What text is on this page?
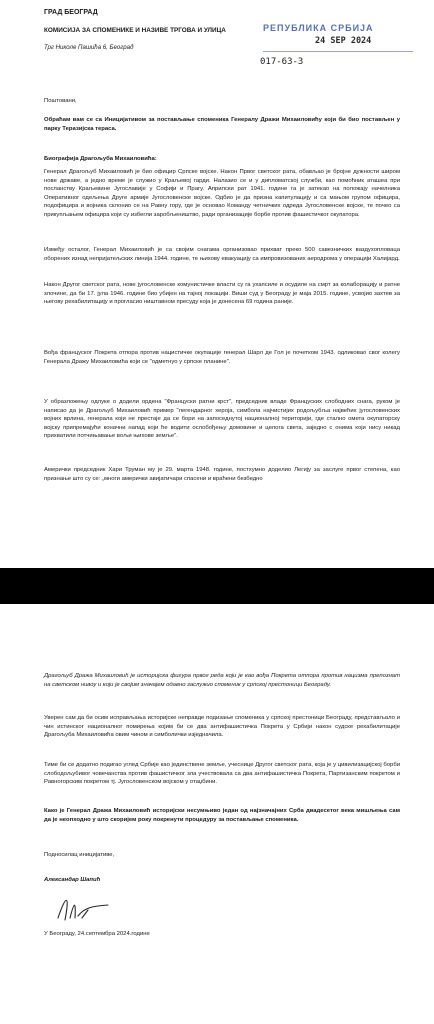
ГРАД БЕОГРАД
КОМИСИЈА ЗА СПОМЕНИКЕ И НАЗИВЕ ТРГОВА И УЛИЦА
Трг Николе Пашића 6, Београд
РЕПУБЛИКА СРБИЈА
24 SEP 2024
017-63-3
Поштовани,
Обраћам вам се са Иницијативом за постављање споменика Генералу Дражи Михаиловићу који би био постављен у парку Теразијска тераса.
Биографија Драгољуба Михаиловића:
Генерал Драгољуб Михаиловић је био официр Српске војске. Након Првог светског рата, обављао је бројне дужности широм нове државе, а једно време је служио у Краљевој гарди. Налазио се и у дипломатској служби, као помоћник аташеа при посланству Краљевине Југославије у Софији и Прагу. Априлски рат 1941. године га је затекао на положају начелника Оперативног одељења Друге армије Југословенске војске. Одбио је да призна капитулацију и са мањом групом официра, подофицира и војника склонио се на Равну гору, где је основао Команду четничких одреда Југословенске војске, те почео са прикупљањем официра који су избегли заробљеништво, ради организације борбе против фашистичког окупатора.
Између осталог, Генерал Михаиловић је са својим снагама организовао прихват преко 500 савезничких ваздухопловаца оборених изнад непријатељских линија 1944. године, те њихову евакуацију са импровизованих аеродрома у операцији Халијард.
Након Другог светског рата, нове југословенске комунистичке власти су га ухапсиле и осудиле на смрт за колаборацију и ратне злочине, да би 17. јула 1946. године био убијен на тајној локацији. Виши суд у Београду је маја 2015. године, усвојио захтев за његову рехабилитацију и прогласио ништавном пресуду која је донесена 69 година раније.
Вођа француског Покрета отпора против нацистичке окупације генерал Шарл де Гол је почетком 1943. одликовао свог колегу Генерала Дражу Михаиловића који се "одметнуо у српске планине".
У образложењу одлуке о додели ордена "Француски ратни крст", председник владе Француских слободних снага, руком је написао да је Драгољуб Михаиловић пример "легендарног хероја, симбола најчистијих родољубља највећих југословенских војних врлина, генерала који не престаје да се бори на запоседнутој националној територији, где стално омета окупаторску војску припремајући коначни напад који ће водити ослобођењу домовине и целога света, заједно с онима који нису никад прихватили потчињавање вољи њихове земље".
Амерички председник Хари Труман му је 29. марта 1948. године, постхумно доделио Легију за заслуге првог степена, као признање што су се: „многи амерички авијатичари спасени и враћени безбедно
Драгољуб Дража Михаиловић је историјска фигура првог реда који је као вођа Покрета отпора против нацизма препознат на светском нивоу и који је својим значајем одавно заслужио споменик у српској престоници Београду.
Уверен сам да би осим исправљања историјске неправде подизање споменика у српској престоници Београду, представљало и чин истинског националног помирења којим би се два антифашистичка Покрета у Србији након судске рехабилитације Драгољуба Михаиловића овим чином и симболички изједначила.
Тиме би се додатно подигао углед Србије као јединствене земље, учеснице Другог светског рата, која је у цивилизацијској борби слободољубивог човечанства против фашистичког зла учествовала са два антифашистичка Покрета, Партизанским покретом и Равногорским покретом тј. Југословенском војском у отаџбини.
Како је Генерал Дража Михаиловић историјски несумњиво један од најзначајних Срба двадесетог века мишљења сам да је неопходно у што скоријем року покренути процедуру за постављање споменика.
Подносилац иницијативе,
Александар Шапић
У Београду, 24.септембра 2024.године
